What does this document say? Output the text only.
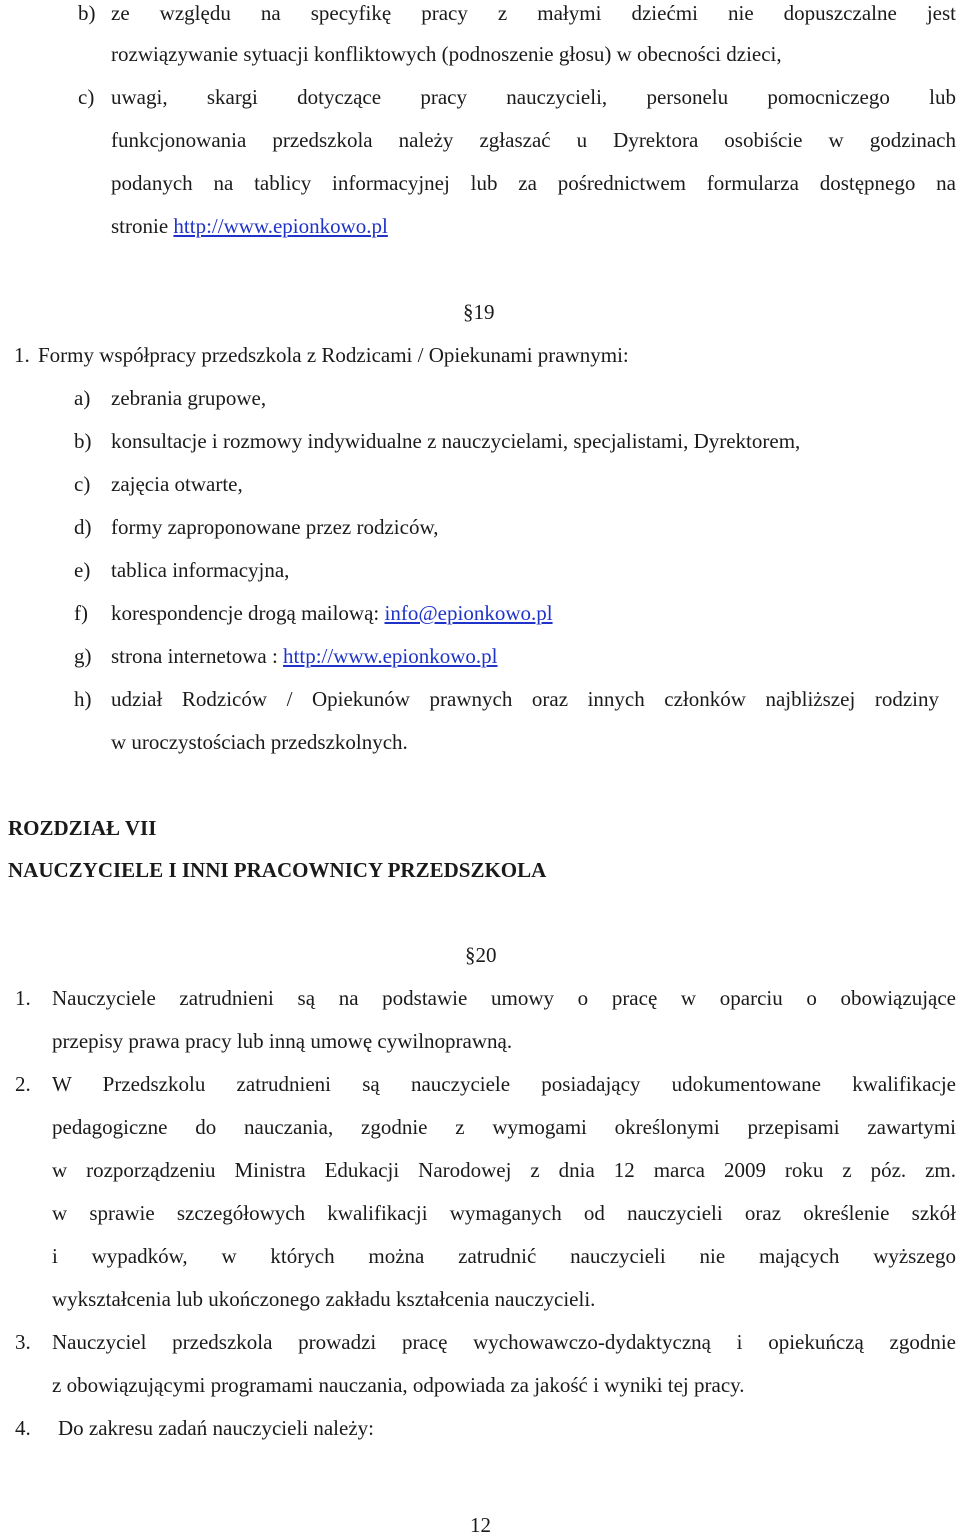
b) ze względu na specyfikę pracy z małymi dziećmi nie dopuszczalne jest
rozwiązywanie sytuacji konfliktowych (podnoszenie głosu) w obecności dzieci,
c) uwagi, skargi dotyczące pracy nauczycieli, personelu pomocniczego lub
funkcjonowania przedszkola należy zgłaszać u Dyrektora osobiście w godzinach
podanych na tablicy informacyjnej lub za pośrednictwem formularza dostępnego na
stronie http://www.epionkowo.pl
§19
1. Formy współpracy przedszkola z Rodzicami / Opiekunami prawnymi:
a) zebrania grupowe,
b) konsultacje i rozmowy indywidualne z nauczycielami, specjalistami, Dyrektorem,
c) zajęcia otwarte,
d) formy zaproponowane przez rodziców,
e) tablica informacyjna,
f) korespondencje drogą mailową: info@epionkowo.pl
g) strona internetowa : http://www.epionkowo.pl
h) udział Rodziców / Opiekunów prawnych oraz innych członków najbliższej rodziny
w uroczystościach przedszkolnych.
ROZDZIAŁ VII
NAUCZYCIELE I INNI PRACOWNICY PRZEDSZKOLA
§20
1. Nauczyciele zatrudnieni są na podstawie umowy o pracę w oparciu o obowiązujące
przepisy prawa pracy lub inną umowę cywilnoprawną.
2. W Przedszkolu zatrudnieni są nauczyciele posiadający udokumentowane kwalifikacje
pedagogiczne do nauczania, zgodnie z wymogami określonymi przepisami zawartymi
w rozporządzeniu Ministra Edukacji Narodowej z dnia 12 marca 2009 roku z póz. zm.
w sprawie szczegółowych kwalifikacji wymaganych od nauczycieli oraz określenie szkół
i wypadków, w których można zatrudnić nauczycieli nie mających wyższego
wykształcenia lub ukończonego zakładu kształcenia nauczycieli.
3. Nauczyciel przedszkola prowadzi pracę wychowawczo-dydaktyczną i opiekuńczą zgodnie
z obowiązującymi programami nauczania, odpowiada za jakość i wyniki tej pracy.
4. Do zakresu zadań nauczycieli należy:
12
